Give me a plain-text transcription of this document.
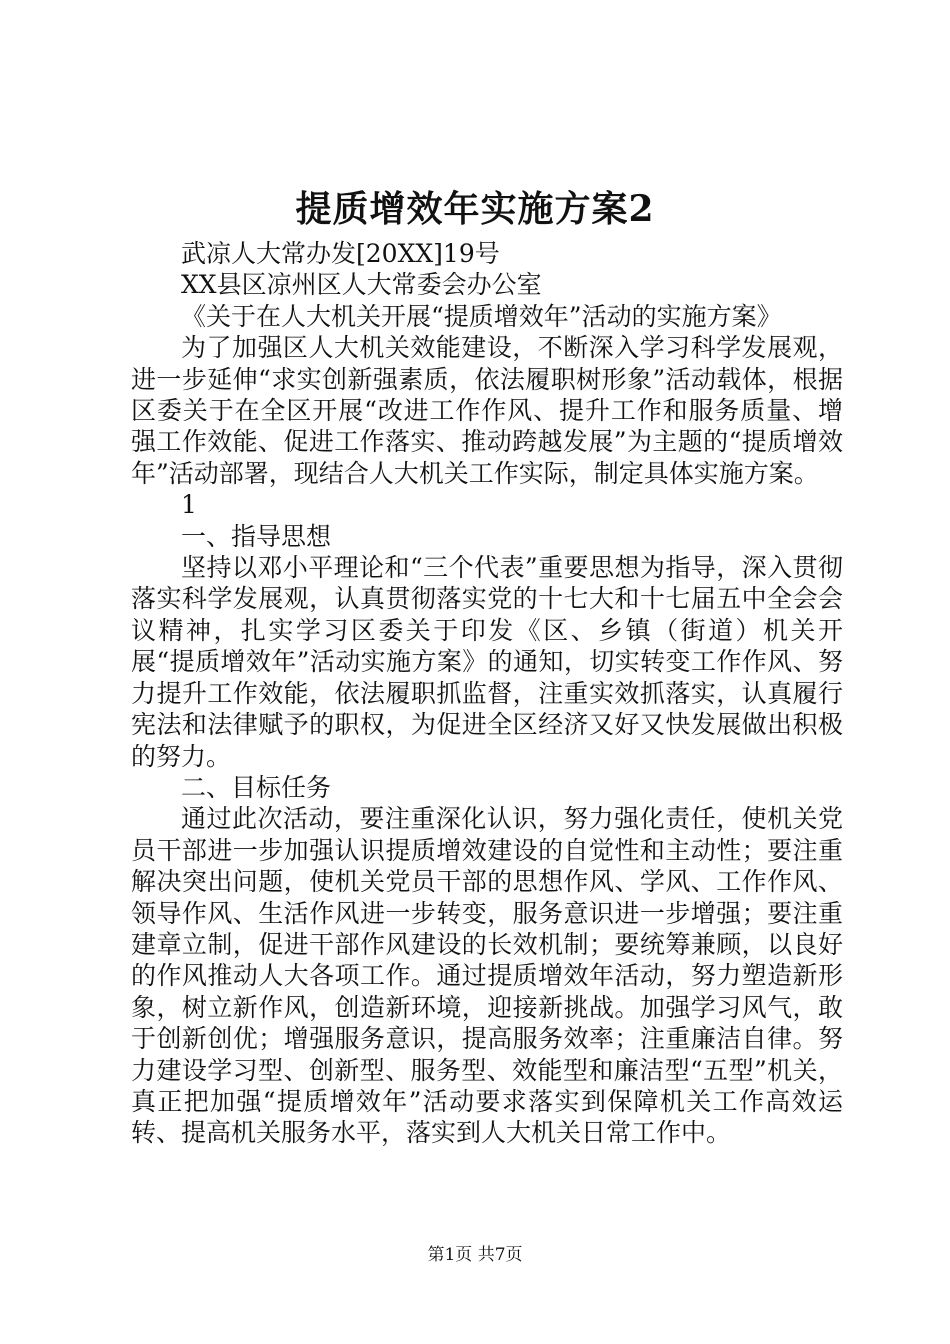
提质增效年实施方案2

武凉人大常办发[20XX]19号

XX县区凉州区人大常委会办公室

《关于在人大机关开展“提质增效年”活动的实施方案》

为了加强区人大机关效能建设，不断深入学习科学发展观，进一步延伸“求实创新强素质，依法履职树形象”活动载体，根据区委关于在全区开展“改进工作作风、提升工作和服务质量、增强工作效能、促进工作落实、推动跨越发展”为主题的“提质增效年”活动部署，现结合人大机关工作实际，制定具体实施方案。

1

一、指导思想

坚持以邓小平理论和“三个代表”重要思想为指导，深入贯彻落实科学发展观，认真贯彻落实党的十七大和十七届五中全会会议精神，扎实学习区委关于印发《区、乡镇（街道）机关开展“提质增效年”活动实施方案》的通知，切实转变工作作风、努力提升工作效能，依法履职抓监督，注重实效抓落实，认真履行宪法和法律赋予的职权，为促进全区经济又好又快发展做出积极的努力。

二、目标任务

通过此次活动，要注重深化认识，努力强化责任，使机关党员干部进一步加强认识提质增效建设的自觉性和主动性；要注重解决突出问题，使机关党员干部的思想作风、学风、工作作风、领导作风、生活作风进一步转变，服务意识进一步增强；要注重建章立制，促进干部作风建设的长效机制；要统筹兼顾，以良好的作风推动人大各项工作。通过提质增效年活动，努力塑造新形象，树立新作风，创造新环境，迎接新挑战。加强学习风气，敢于创新创优；增强服务意识，提高服务效率；注重廉洁自律。努力建设学习型、创新型、服务型、效能型和廉洁型“五型”机关，真正把加强“提质增效年”活动要求落实到保障机关工作高效运转、提高机关服务水平，落实到人大机关日常工作中。

第1页 共7页
